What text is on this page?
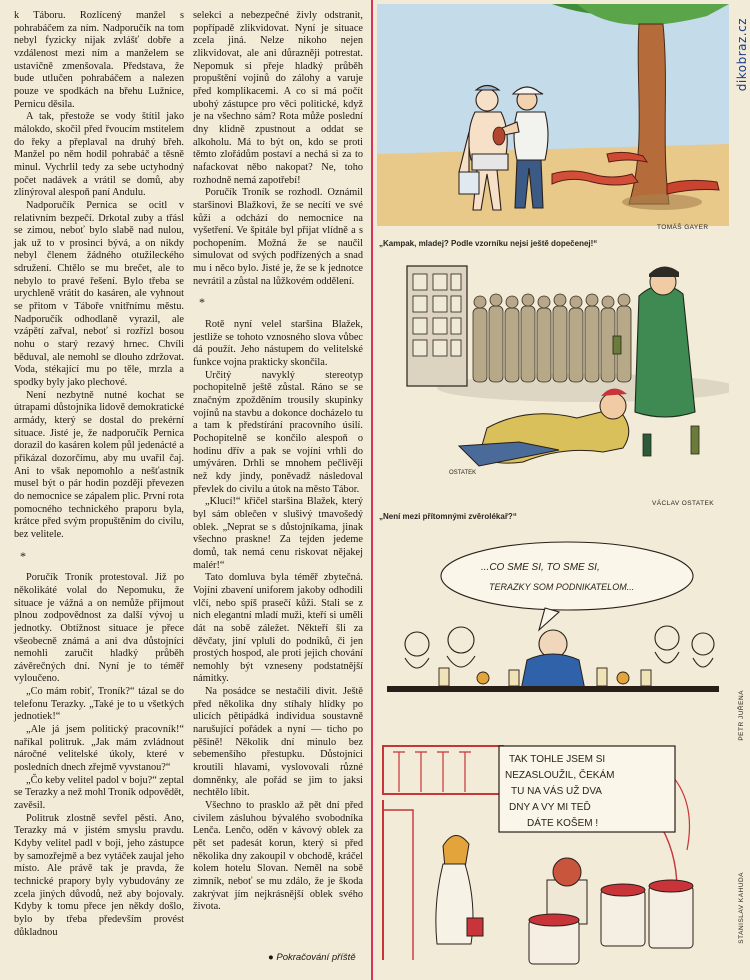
k Táboru. Rozlícený manžel s pohrabáčem za ním. Nadporučík na tom nebyl fyzicky nijak zvlášť dobře a vzdálenost mezi ním a manželem se ustavičně zmenšovala. Představa, že bude utlučen pohrabáčem a nalezen pouze ve spodkách na břehu Lužnice, Pernicu děsila.

A tak, přestože se vody štítil jako málokdo, skočil před řvoucím mstitelem do řeky a přeplaval na druhý břeh. Manžel po něm hodil pohrabáč a těsně minul. Vychrlil tedy za sebe uctyhodný počet nadávek a vrátil se domů, aby zlinýroval alespoň paní Andulu.

Nadporučík Pernica se ocitl v relativním bezpečí. Drkotal zuby a třásl se zimou, neboť bylo slabě nad nulou, jak už to v prosinci bývá, a on nikdy nebyl členem žádného otužileckého sdružení. Chtělo se mu brečet, ale to nebylo to pravé řešení. Bylo třeba se urychleně vrátit do kasáren, ale vyhnout se přitom v Táboře vnitřnímu městu. Nadporučík odhodlaně vyrazil, ale vzápětí zařval, neboť si rozřízl bosou nohu o starý rezavý hrnec. Chvíli běduval, ale nemohl se dlouho zdržovat. Voda, stékající mu po těle, mrzla a spodky byly jako plechové.

Není nezbytně nutné kochat se útrapami důstojníka lidově demokratické armády, který se dostal do prekérní situace. Jisté je, že nadporučík Pernica dorazil do kasáren kolem půl jedenácté a přikázal dozorčímu, aby mu uvařil čaj. Ani to však nepomohlo a nešťastník musel být o pár hodin později převezen do nemocnice se zápalem plic. První rota pomocného technického praporu byla, krátce před svým propuštěním do civilu, bez velitele.

*

Poručík Troník protestoval. Již po několikáté volal do Nepomuku, že situace je vážná a on nemůže přijmout plnou zodpovědnost za další vývoj u jednotky. Obtížnost situace je přece všeobecně známá a ani dva důstojníci nemohli zaručit hladký průběh závěrečných dní. Nyní je to téměř vyloučeno.

„Co mám robiť, Troník?“ tázal se do telefonu Terazky. „Také je to u všetkých jednotiek!“

„Ale já jsem politický pracovník!“ naříkal politruk. „Jak mám zvládnout náročné velitelské úkoly, které v posledních dnech zřejmě vyvstanou?“

„Čo keby velitel padol v boju?“ zeptal se Terazky a než mohl Troník odpovědět, zavěsil.

Politruk zlostně sevřel pěsti. Ano, Terazky má v jistém smyslu pravdu. Kdyby velitel padl v boji, jeho zástupce by samozřejmě a bez vytáček zaujal jeho místo. Ale právě tak je pravda, že technické prapory byly vybudovány ze zcela jiných důvodů, než aby bojovaly. Kdyby k tomu přece jen někdy došlo, bylo by třeba především provést důkladnou

selekci a nebezpečné živly odstranit, popřípadě zlikvidovat. Nyní je situace zcela jiná. Nelze nikoho nejen zlikvidovat, ale ani důrazněji potrestat. Nepomuk si přeje hladký průběh propuštění vojínů do zálohy a varuje před komplikacemi. A co si má počít ubohý zástupce pro věci politické, když je na všechno sám? Rota může poslední dny klidně zpustnout a oddat se alkoholu. Má to být on, kdo se proti těmto zlořádům postaví a nechá si za to nafackovat něbo nakopat? Ne, toho rozhodně nemá zapotřebí!

Poručík Troník se rozhodl. Oznámil staršinovi Blažkovi, že se necítí ve své kůži a odchází do nemocnice na vyšetření. Ve špitále byl přijat vlídně a s pochopením. Možná že se naučil simulovat od svých podřízených a snad mu i něco bylo. Jisté je, že se k jednotce nevrátil a zůstal na lůžkovém oddělení.

*

Rotě nyní velel staršina Blažek, jestliže se tohoto vznosného slova vůbec dá použít. Jeho nástupem do velitelské funkce vojna prakticky skončila.

Určitý navyklý stereotyp pochopitelně ještě zůstal. Ráno se se značným zpožděním trousily skupinky vojínů na stavbu a dokonce docházelo tu a tam k předstírání pracovního úsilí. Pochopitelně se končilo alespoň o hodinu dřív a pak se vojíni vrhli do umýváren. Drhli se mnohem pečlivěji než kdy jindy, poněvadž následoval převlek do civilu a útok na město Tábor.

„Klucí!“ křičel staršina Blažek, který byl sám oblečen v slušivý tmavošedý oblek. „Neprat se s důstojníkama, jinak všechno praskne! Za tejden jedeme domů, tak nemá cenu riskovat nějakej malér!“

Tato domluva byla téměř zbytečná. Vojíni zbavení uniforem jakoby odhodili vlčí, nebo spíš prasečí kůži. Stali se z nich elegantní mladí muži, kteří si uměli dát na sobě záležet. Někteří šli za děvčaty, jiní vpluli do podniků, či jen prostých hospod, ale proti jejich chování nemohly být vzneseny podstatnější námitky.

Na posádce se nestačili divit. Ještě před několika dny stíhaly hlídky po ulicích pětipádká individua soustavně narušující pořádek a nyní — ticho po pěšině! Několik dní minulo bez sebemenšího přestupku. Důstojníci kroutili hlavami, vyslovovali různé domněnky, ale pořád se jim to jaksi nechtělo líbit.

Všechno to prasklo až pět dní před civilem zásluhou bývalého svobodníka Lenča. Lenčo, oděn v kávový oblek za pět set padesát korun, který si před několika dny zakoupil v obchodě, kráčel kolem hotelu Slovan. Neměl na sobě zimník, neboť se mu zdálo, že je škoda zakrývat jím nejkrásnější oblek svého života.

● Pokračování příště
dikobraz.cz
TOMÁŠ GAYER
„Kampak, mladej? Podle vzorníku nejsi ještě dopečenej!“
OSTATEK
VÁCLAV OSTATEK
„Není mezi přítomnými zvěrolékař?“
...CO SME SI, TO SME SI,
TERAZKY SOM PODNIKATELOM...
PETR JUŘENA
TAK TOHLE JSEM SI
NEZASLOUŽIL, ČEKÁM
TU NA VÁS UŽ DVA
DNY A VY MI TEĎ
DÁTE KOŠEM !
STANISLAV KAHUDA
